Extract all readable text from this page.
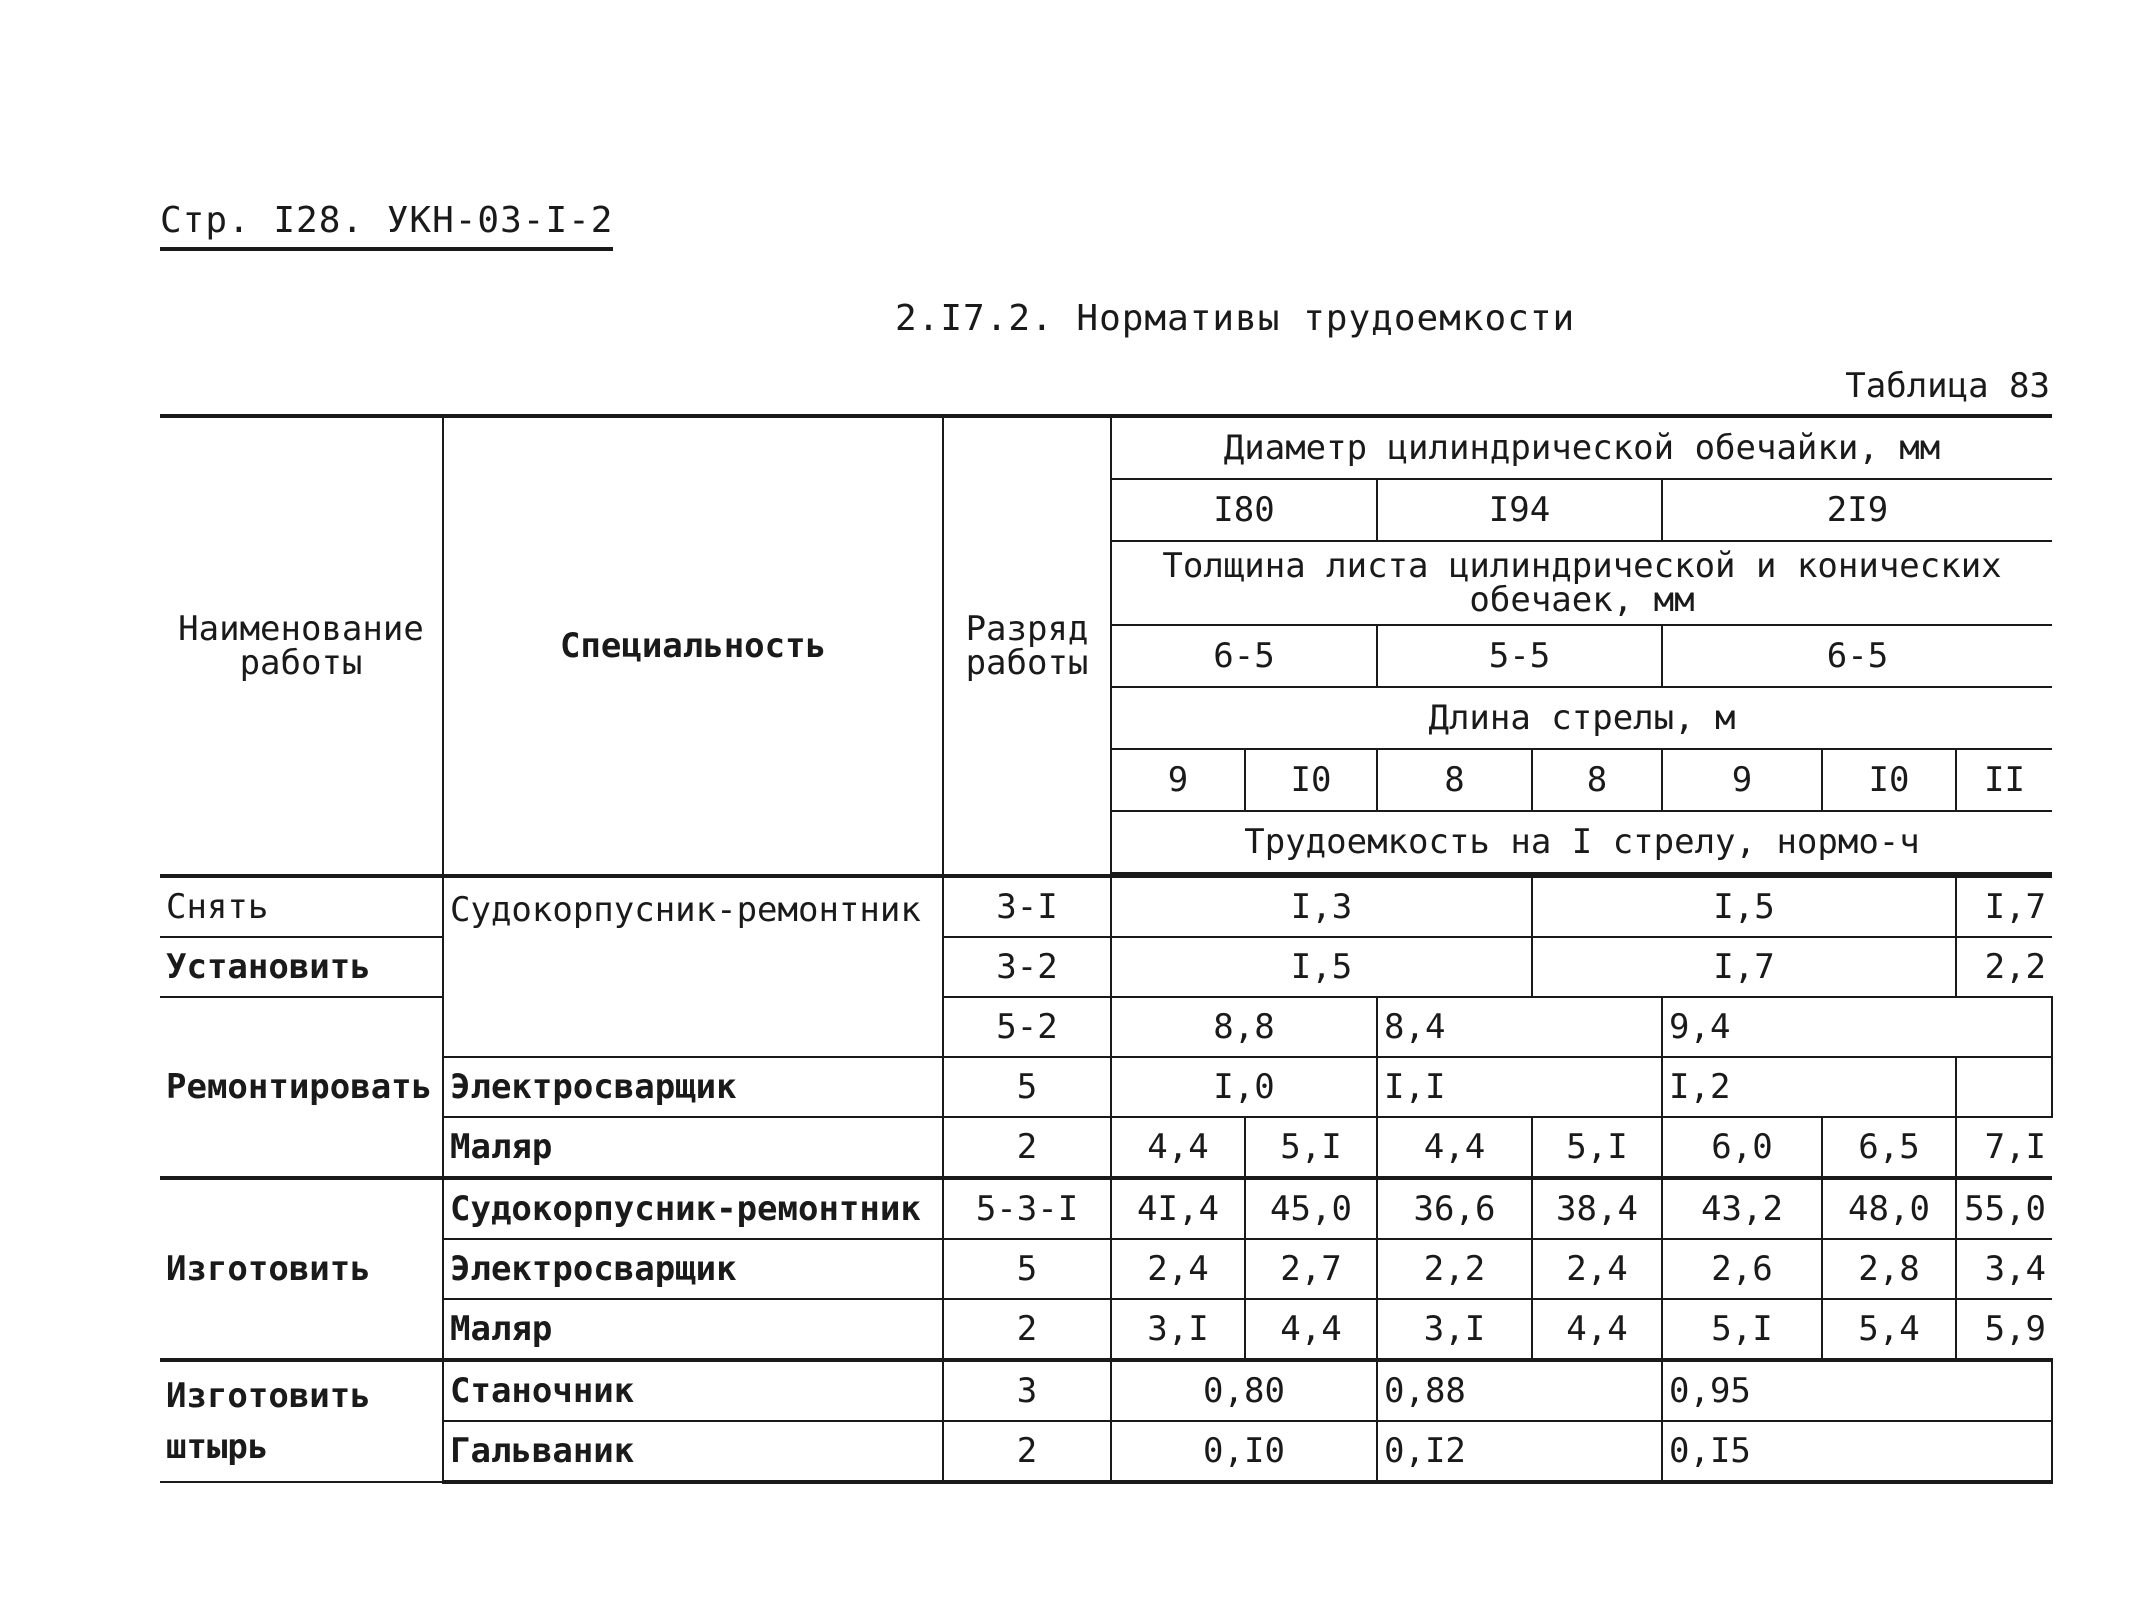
Стр. I28. УКН-03-I-2
2.I7.2. Нормативы трудоемкости
Таблица 83
Наименование работы	Специальность	Разряд работы	Диаметр цилиндрической обечайки, мм							
			I80		I94		2I9			
			Толщина листа цилиндрической и конических обечаек, мм							
			6-5		5-5		6-5			
			Длина стрелы, м							
			9	I0	8	8	9	I0	II	
			Трудоемкость на I стрелу, нормо-ч							

Снять	Судокорпусник-ремонтник	3-I	I,3			I,5			I,7	
Установить		3-2	I,5			I,7			2,2	
Ремонтировать		5-2	8,8		8,4		9,4	
	Электросварщик	5	I,0		I,I		I,2		
	Маляр	2	4,4	5,I	4,4	5,I	6,0	6,5	7,I	
Изготовить	Судокорпусник-ремонтник	5-3-I	4I,4	45,0	36,6	38,4	43,2	48,0	55,0	
	Электросварщик	5	2,4	2,7	2,2	2,4	2,6	2,8	3,4	
	Маляр	2	3,I	4,4	3,I	4,4	5,I	5,4	5,9	
Изготовить штырь	Станочник	3	0,80		0,88		0,95	
	Гальваник	2	0,I0		0,I2		0,I5	
